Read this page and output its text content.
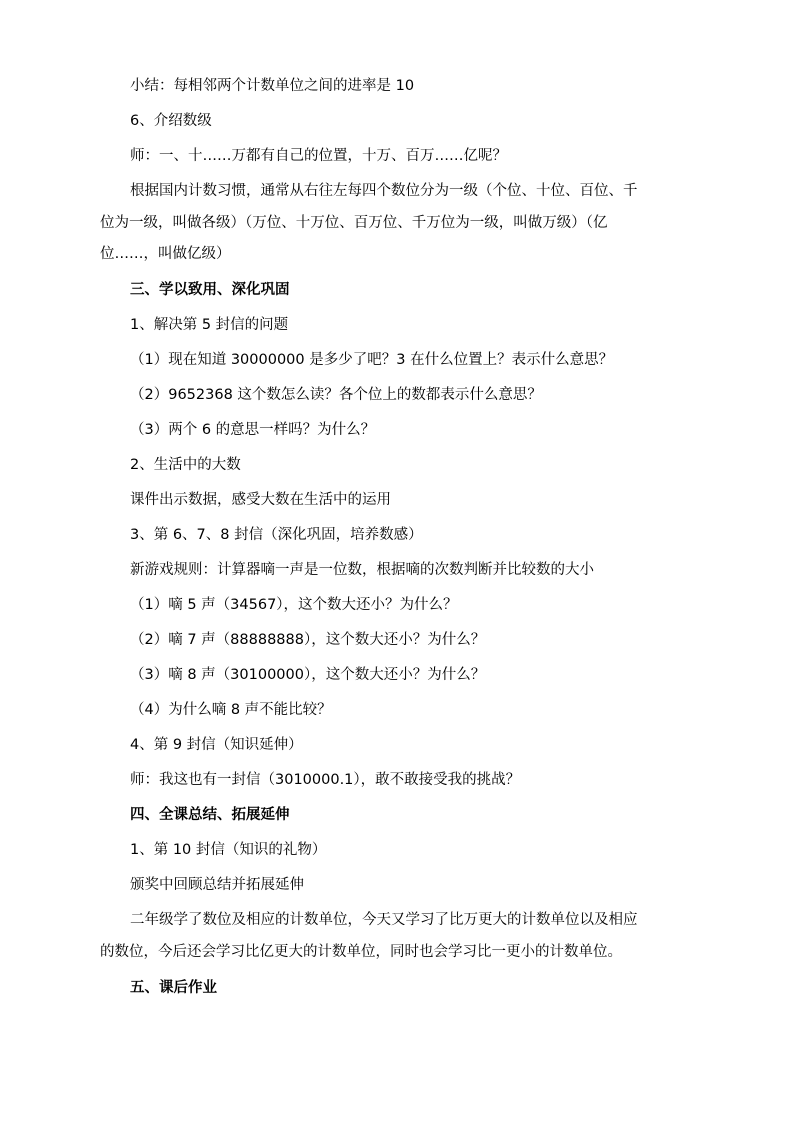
小结：每相邻两个计数单位之间的进率是 10
6、介绍数级
师：一、十……万都有自己的位置，十万、百万……亿呢？
根据国内计数习惯，通常从右往左每四个数位分为一级（个位、十位、百位、千
位为一级，叫做各级）（万位、十万位、百万位、千万位为一级，叫做万级）（亿
位……，叫做亿级）
三、学以致用、深化巩固
1、解决第 5 封信的问题
（1）现在知道 30000000 是多少了吧？3 在什么位置上？表示什么意思？
（2）9652368 这个数怎么读？各个位上的数都表示什么意思？
（3）两个 6 的意思一样吗？为什么？
2、生活中的大数
课件出示数据，感受大数在生活中的运用
3、第 6、7、8 封信（深化巩固，培养数感）
新游戏规则：计算器嘀一声是一位数，根据嘀的次数判断并比较数的大小
（1）嘀 5 声（34567），这个数大还小？为什么？
（2）嘀 7 声（88888888），这个数大还小？为什么？
（3）嘀 8 声（30100000），这个数大还小？为什么？
（4）为什么嘀 8 声不能比较？
4、第 9 封信（知识延伸）
师：我这也有一封信（3010000.1），敢不敢接受我的挑战？
四、全课总结、拓展延伸
1、第 10 封信（知识的礼物）
颁奖中回顾总结并拓展延伸
二年级学了数位及相应的计数单位，今天又学习了比万更大的计数单位以及相应
的数位，今后还会学习比亿更大的计数单位，同时也会学习比一更小的计数单位。
五、课后作业
